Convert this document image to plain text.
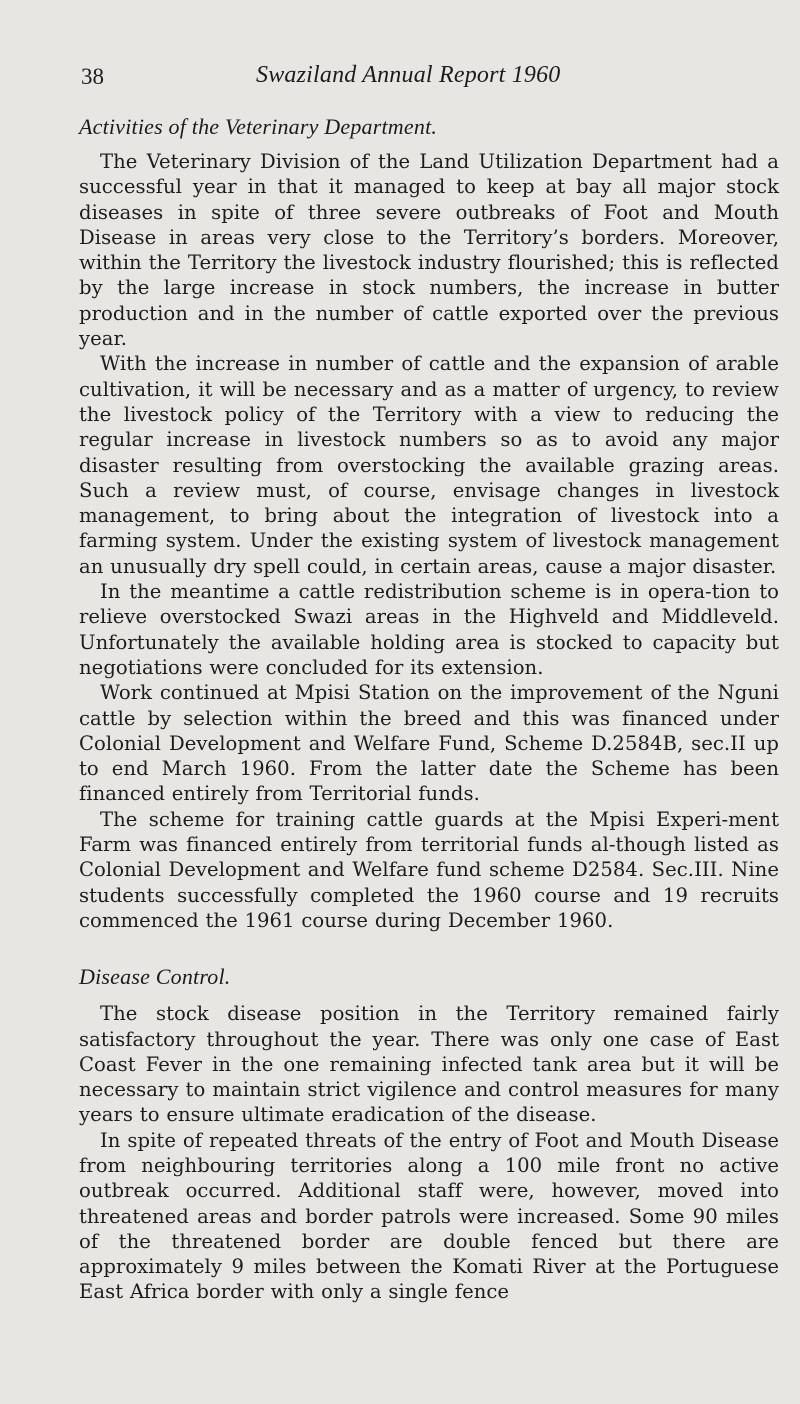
38	Swaziland Annual Report 1960
Activities of the Veterinary Department.

The Veterinary Division of the Land Utilization Department had a successful year in that it managed to keep at bay all major stock diseases in spite of three severe outbreaks of Foot and Mouth Disease in areas very close to the Territory’s borders. Moreover, within the Territory the livestock industry flourished; this is reflected by the large increase in stock numbers, the increase in butter production and in the number of cattle exported over the previous year.

With the increase in number of cattle and the expansion of arable cultivation, it will be necessary and as a matter of urgency, to review the livestock policy of the Territory with a view to reducing the regular increase in livestock numbers so as to avoid any major disaster resulting from overstocking the available grazing areas. Such a review must, of course, envisage changes in livestock management, to bring about the integration of livestock into a farming system. Under the existing system of livestock management an unusually dry spell could, in certain areas, cause a major disaster.

In the meantime a cattle redistribution scheme is in opera-tion to relieve overstocked Swazi areas in the Highveld and Middleveld. Unfortunately the available holding area is stocked to capacity but negotiations were concluded for its extension.

Work continued at Mpisi Station on the improvement of the Nguni cattle by selection within the breed and this was financed under Colonial Development and Welfare Fund, Scheme D.2584B, sec.II up to end March 1960. From the latter date the Scheme has been financed entirely from Territorial funds.

The scheme for training cattle guards at the Mpisi Experi-ment Farm was financed entirely from territorial funds al-though listed as Colonial Development and Welfare fund scheme D2584. Sec.III. Nine students successfully completed the 1960 course and 19 recruits commenced the 1961 course during December 1960.

Disease Control.

The stock disease position in the Territory remained fairly satisfactory throughout the year. There was only one case of East Coast Fever in the one remaining infected tank area but it will be necessary to maintain strict vigilence and control measures for many years to ensure ultimate eradication of the disease.

In spite of repeated threats of the entry of Foot and Mouth Disease from neighbouring territories along a 100 mile front no active outbreak occurred. Additional staff were, however, moved into threatened areas and border patrols were increased. Some 90 miles of the threatened border are double fenced but there are approximately 9 miles between the Komati River at the Portuguese East Africa border with only a single fence
